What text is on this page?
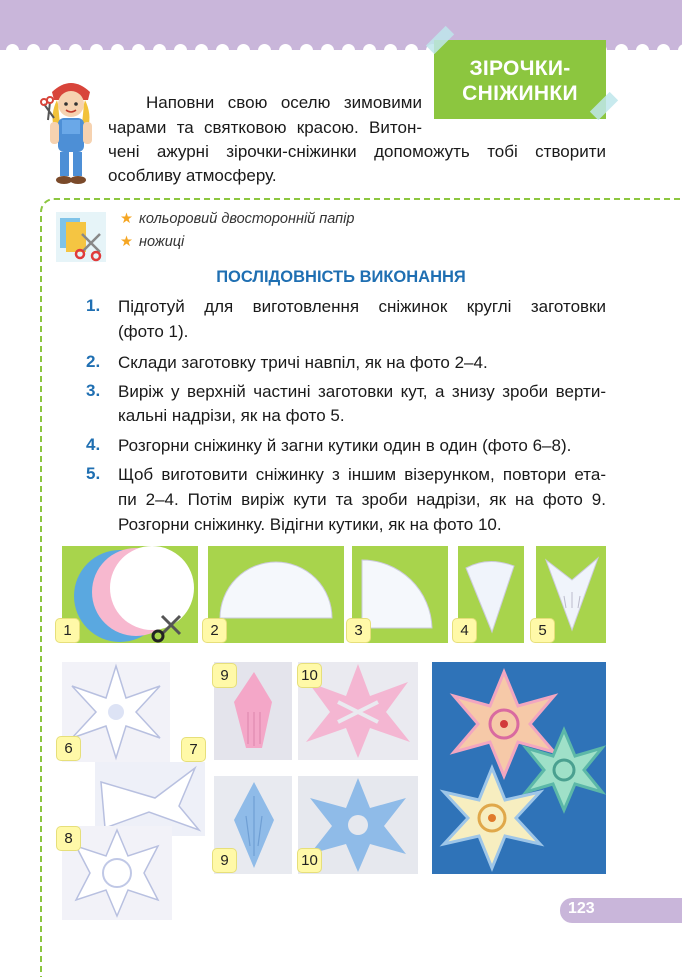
ЗІРОЧКИ-
СНІЖИНКИ
Наповни свою оселю зимовими
чарами та святковою красою. Витон-
чені ажурні зірочки-сніжинки допоможуть тобі створити
особливу атмосферу.
★ кольоровий двосторонній папір
★ ножиці
ПОСЛІДОВНІСТЬ ВИКОНАННЯ
1. Підготуй для виготовлення сніжинок круглі заготовки
(фото 1).
2. Склади заготовку тричі навпіл, як на фото 2–4.
3. Виріж у верхній частині заготовки кут, а знизу зроби верти-
кальні надрізи, як на фото 5.
4. Розгорни сніжинку й загни кутики один в один (фото 6–8).
5. Щоб виготовити сніжинку з іншим візерунком, повтори ета-
пи 2–4. Потім виріж кути та зроби надрізи, як на фото 9.
Розгорни сніжинку. Відігни кутики, як на фото 10.
1	2	3	4	5
6	7
8
9	10
9	10
123
